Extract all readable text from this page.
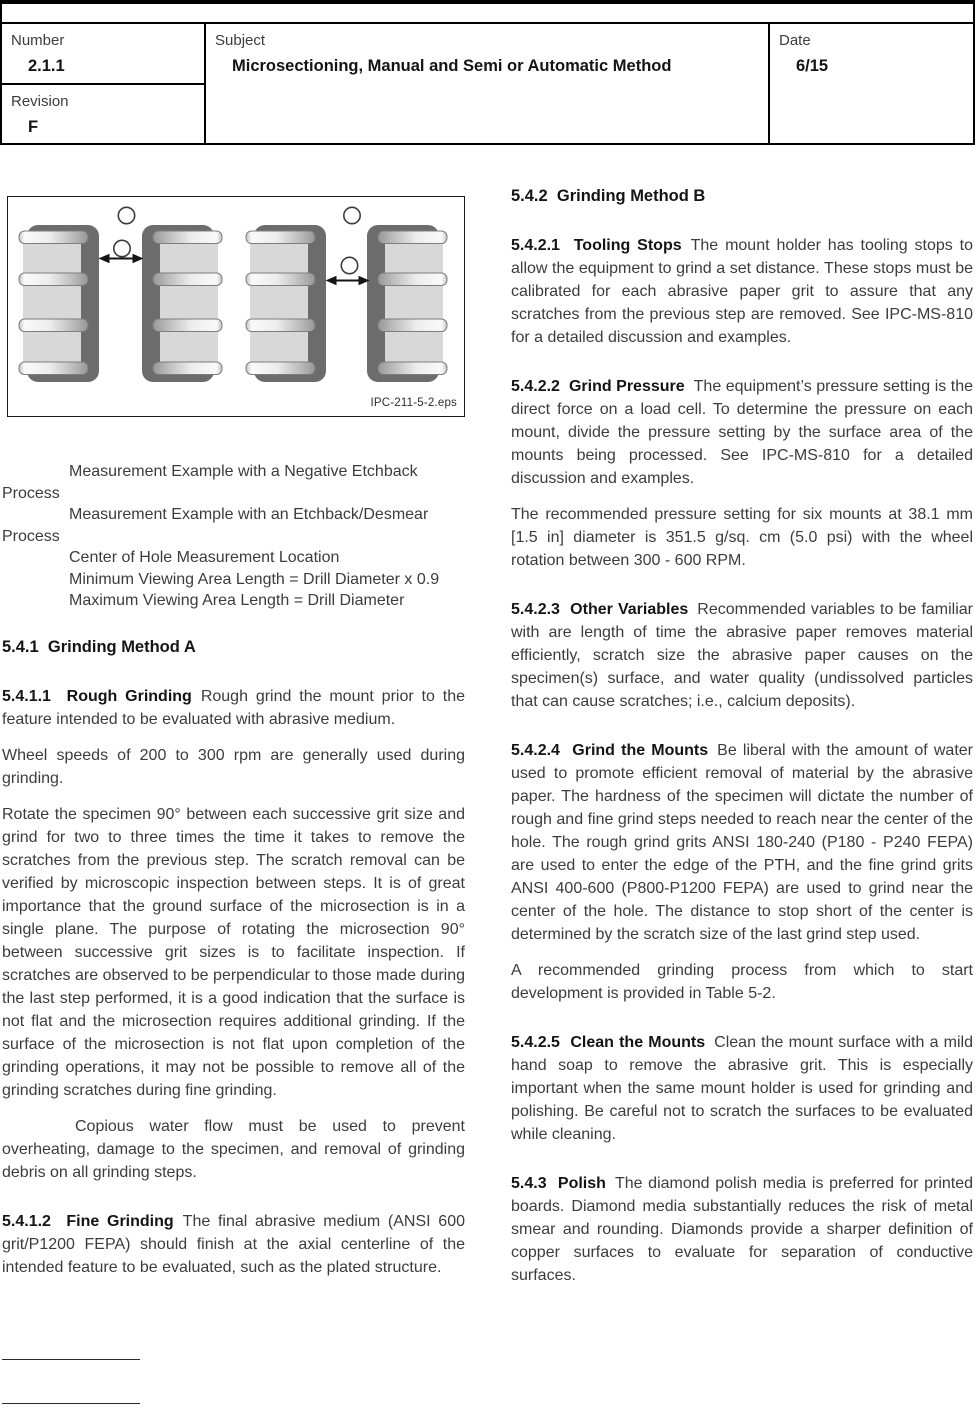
Number
2.1.1
Revision
F
Subject
Microsectioning, Manual and Semi or Automatic Method
Date
6/15
IPC-211-5-2.eps

Measurement Example with a Negative Etchback Process

Measurement Example with an Etchback/Desmear Process

Center of Hole Measurement Location

Minimum Viewing Area Length = Drill Diameter x 0.9

Maximum Viewing Area Length = Drill Diameter

5.4.1  Grinding Method A

5.4.1.1  Rough Grinding Rough grind the mount prior to the feature intended to be evaluated with abrasive medium.

Wheel speeds of 200 to 300 rpm are generally used during grinding.

Rotate the specimen 90° between each successive grit size and grind for two to three times the time it takes to remove the scratches from the previous step. The scratch removal can be verified by microscopic inspection between steps. It is of great importance that the ground surface of the microsection is in a single plane. The purpose of rotating the microsection 90° between successive grit sizes is to facilitate inspection. If scratches are observed to be perpendicular to those made during the last step performed, it is a good indication that the surface is not flat and the microsection requires additional grinding. If the surface of the microsection is not flat upon completion of the grinding operations, it may not be possible to remove all of the grinding scratches during fine grinding.

Copious water flow must be used to prevent overheating, damage to the specimen, and removal of grinding debris on all grinding steps.

5.4.1.2  Fine Grinding The final abrasive medium (ANSI 600 grit/P1200 FEPA) should finish at the axial centerline of the intended feature to be evaluated, such as the plated structure.

5.4.2  Grinding Method B

5.4.2.1  Tooling Stops The mount holder has tooling stops to allow the equipment to grind a set distance. These stops must be calibrated for each abrasive paper grit to assure that any scratches from the previous step are removed. See IPC-MS-810 for a detailed discussion and examples.

5.4.2.2  Grind Pressure The equipment’s pressure setting is the direct force on a load cell. To determine the pressure on each mount, divide the pressure setting by the surface area of the mounts being processed. See IPC-MS-810 for a detailed discussion and examples.

The recommended pressure setting for six mounts at 38.1 mm [1.5 in] diameter is 351.5 g/sq. cm (5.0 psi) with the wheel rotation between 300 - 600 RPM.

5.4.2.3  Other Variables Recommended variables to be familiar with are length of time the abrasive paper removes material efficiently, scratch size the abrasive paper causes on the specimen(s) surface, and water quality (undissolved particles that can cause scratches; i.e., calcium deposits).

5.4.2.4  Grind the Mounts Be liberal with the amount of water used to promote efficient removal of material by the abrasive paper. The hardness of the specimen will dictate the number of rough and fine grind steps needed to reach near the center of the hole. The rough grind grits ANSI 180-240 (P180 - P240 FEPA) are used to enter the edge of the PTH, and the fine grind grits ANSI 400-600 (P800-P1200 FEPA) are used to grind near the center of the hole. The distance to stop short of the center is determined by the scratch size of the last grind step used.

A recommended grinding process from which to start development is provided in Table 5-2.

5.4.2.5  Clean the Mounts Clean the mount surface with a mild hand soap to remove the abrasive grit. This is especially important when the same mount holder is used for grinding and polishing. Be careful not to scratch the surfaces to be evaluated while cleaning.

5.4.3  Polish The diamond polish media is preferred for printed boards. Diamond media substantially reduces the risk of metal smear and rounding. Diamonds provide a sharper definition of copper surfaces to evaluate for separation of conductive surfaces.
